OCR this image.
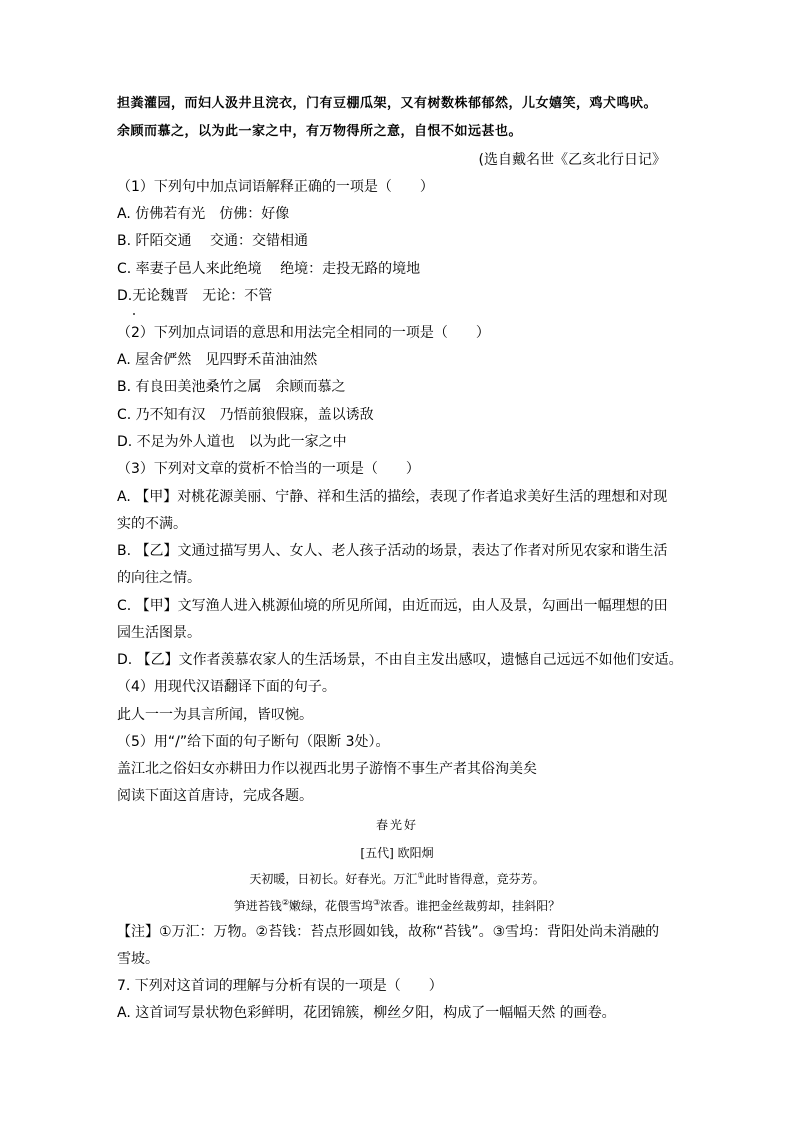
担粪灌园，而妇人汲井且浣衣，门有豆棚瓜架，又有树数株郁郁然，儿女嬉笑，鸡犬鸣吠。
余顾而慕之，以为此一家之中，有万物得所之意，自恨不如远甚也。
(选自戴名世《乙亥北行日记》
（1）下列句中加点词语解释正确的一项是（　　）
A. 仿佛若有光　仿佛：好像
B. 阡陌交通　 交通：交错相通
C. 率妻子邑人来此绝境　 绝境：走投无路的境地
D.无论魏晋　无论：不管
（2）下列加点词语的意思和用法完全相同的一项是（　　）
A. 屋舍俨然　见四野禾苗油油然
B. 有良田美池桑竹之属　余顾而慕之
C. 乃不知有汉　乃悟前狼假寐，盖以诱敌
D. 不足为外人道也　以为此一家之中
（3）下列对文章的赏析不恰当的一项是（　　）
A. 【甲】对桃花源美丽、宁静、祥和生活的描绘，表现了作者追求美好生活的理想和对现
实的不满。
B. 【乙】文通过描写男人、女人、老人孩子活动的场景，表达了作者对所见农家和谐生活
的向往之情。
C. 【甲】文写渔人进入桃源仙境的所见所闻，由近而远，由人及景，勾画出一幅理想的田
园生活图景。
D. 【乙】文作者羡慕农家人的生活场景，不由自主发出感叹，遗憾自己远远不如他们安适。
（4）用现代汉语翻译下面的句子。
此人一一为具言所闻，皆叹惋。
（5）用“/”给下面的句子断句（限断 3处）。
盖江北之俗妇女亦耕田力作以视西北男子游惰不事生产者其俗洵美矣
阅读下面这首唐诗，完成各题。
春光好
[五代] 欧阳炯
天初暖，日初长。好春光。万汇①此时皆得意，竞芬芳。
笋迸苔钱②嫩绿，花偎雪坞③浓香。谁把金丝裁剪却，挂斜阳？
【注】①万汇：万物。②苔钱：苔点形圆如钱，故称“苔钱”。③雪坞：背阳处尚未消融的
雪坡。
7. 下列对这首词的理解与分析有误的一项是（　　）
A. 这首词写景状物色彩鲜明，花团锦簇，柳丝夕阳，构成了一幅幅天然 的画卷。
